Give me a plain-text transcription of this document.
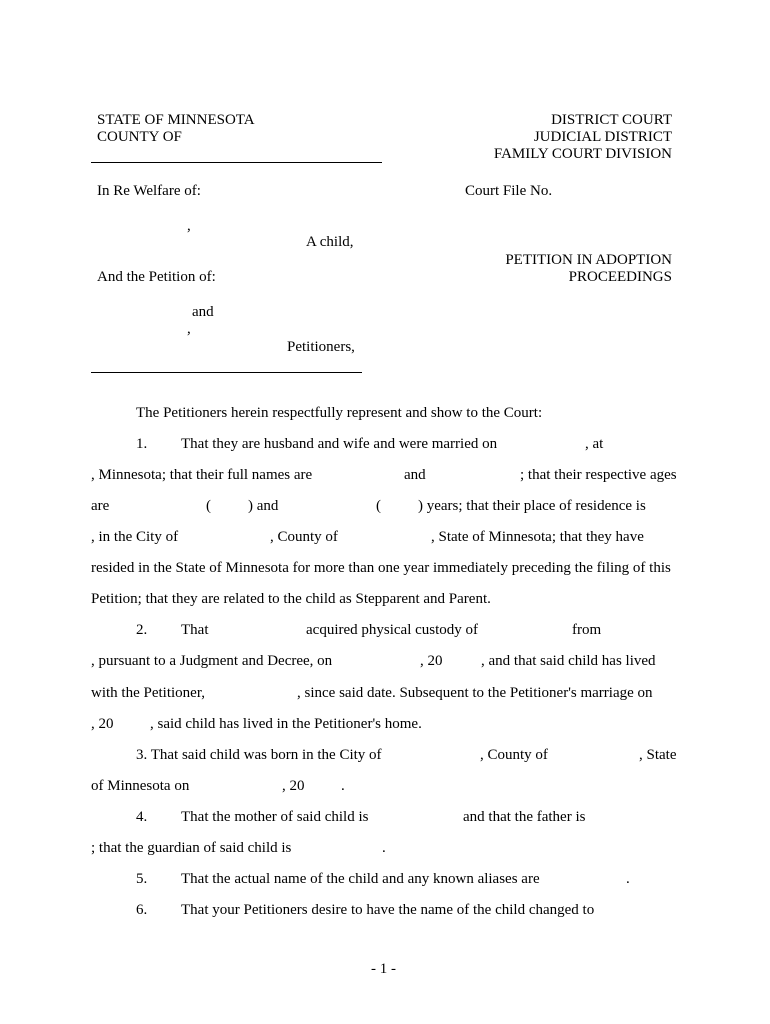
STATE OF MINNESOTA
COUNTY OF
DISTRICT COURT
JUDICIAL DISTRICT
FAMILY COURT DIVISION
In Re Welfare of:	Court File No.
,
A child,
PETITION IN ADOPTION
PROCEEDINGS
And the Petition of:
and
,
Petitioners,
The Petitioners herein respectfully represent and show to the Court:
1. That they are husband and wife and were married on	, at
, Minnesota; that their full names are	and	; that their respective ages
are	( ) and	( ) years; that their place of residence is
, in the City of	, County of	, State of Minnesota; that they have
resided in the State of Minnesota for more than one year immediately preceding the filing of this
Petition; that they are related to the child as Stepparent and Parent.
2. That	acquired physical custody of	from
, pursuant to a Judgment and Decree, on	, 20	, and that said child has lived
with the Petitioner,	, since said date. Subsequent to the Petitioner's marriage on
, 20 , said child has lived in the Petitioner's home.
3. That said child was born in the City of	, County of	, State
of Minnesota on	, 20 .
4. That the mother of said child is	and that the father is
; that the guardian of said child is	.
5. That the actual name of the child and any known aliases are	.
6. That your Petitioners desire to have the name of the child changed to
- 1 -
